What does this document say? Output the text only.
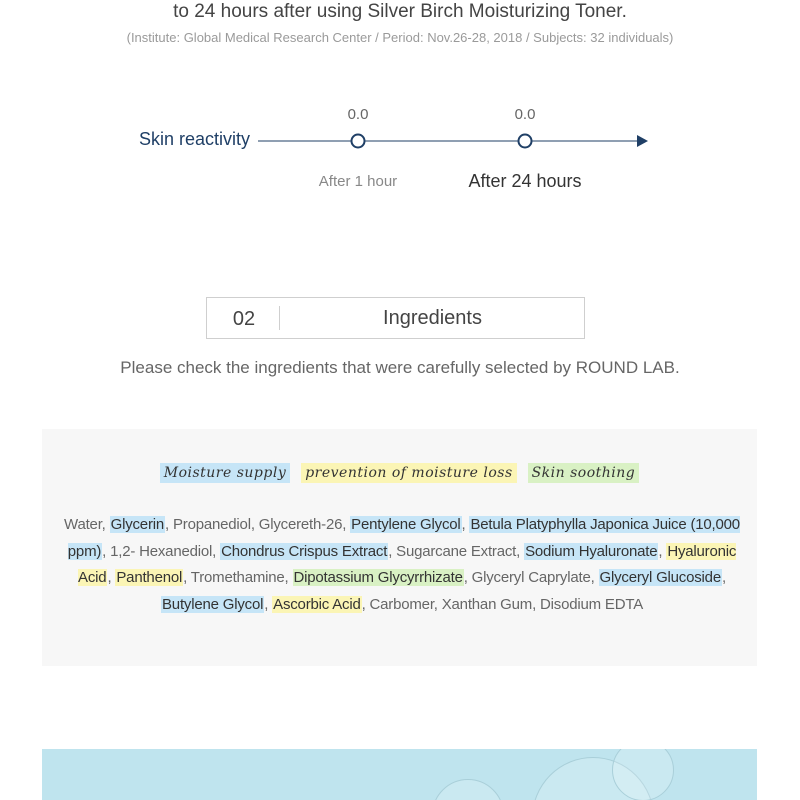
to 24 hours after using Silver Birch Moisturizing Toner.
(Institute: Global Medical Research Center / Period: Nov.26-28, 2018 / Subjects: 32 individuals)
Skin reactivity
0.0	0.0
After 1 hour	After 24 hours
02	Ingredients
Please check the ingredients that were carefully selected by ROUND LAB.
Moisture supply prevention of moisture loss Skin soothing
Water, Glycerin, Propanediol, Glycereth-26, Pentylene Glycol, Betula Platyphylla Japonica Juice (10,000 ppm), 1,2- Hexanediol, Chondrus Crispus Extract, Sugarcane Extract, Sodium Hyaluronate, Hyaluronic Acid, Panthenol, Tromethamine, Dipotassium Glycyrrhizate, Glyceryl Caprylate, Glyceryl Glucoside, Butylene Glycol, Ascorbic Acid, Carbomer, Xanthan Gum, Disodium EDTA
